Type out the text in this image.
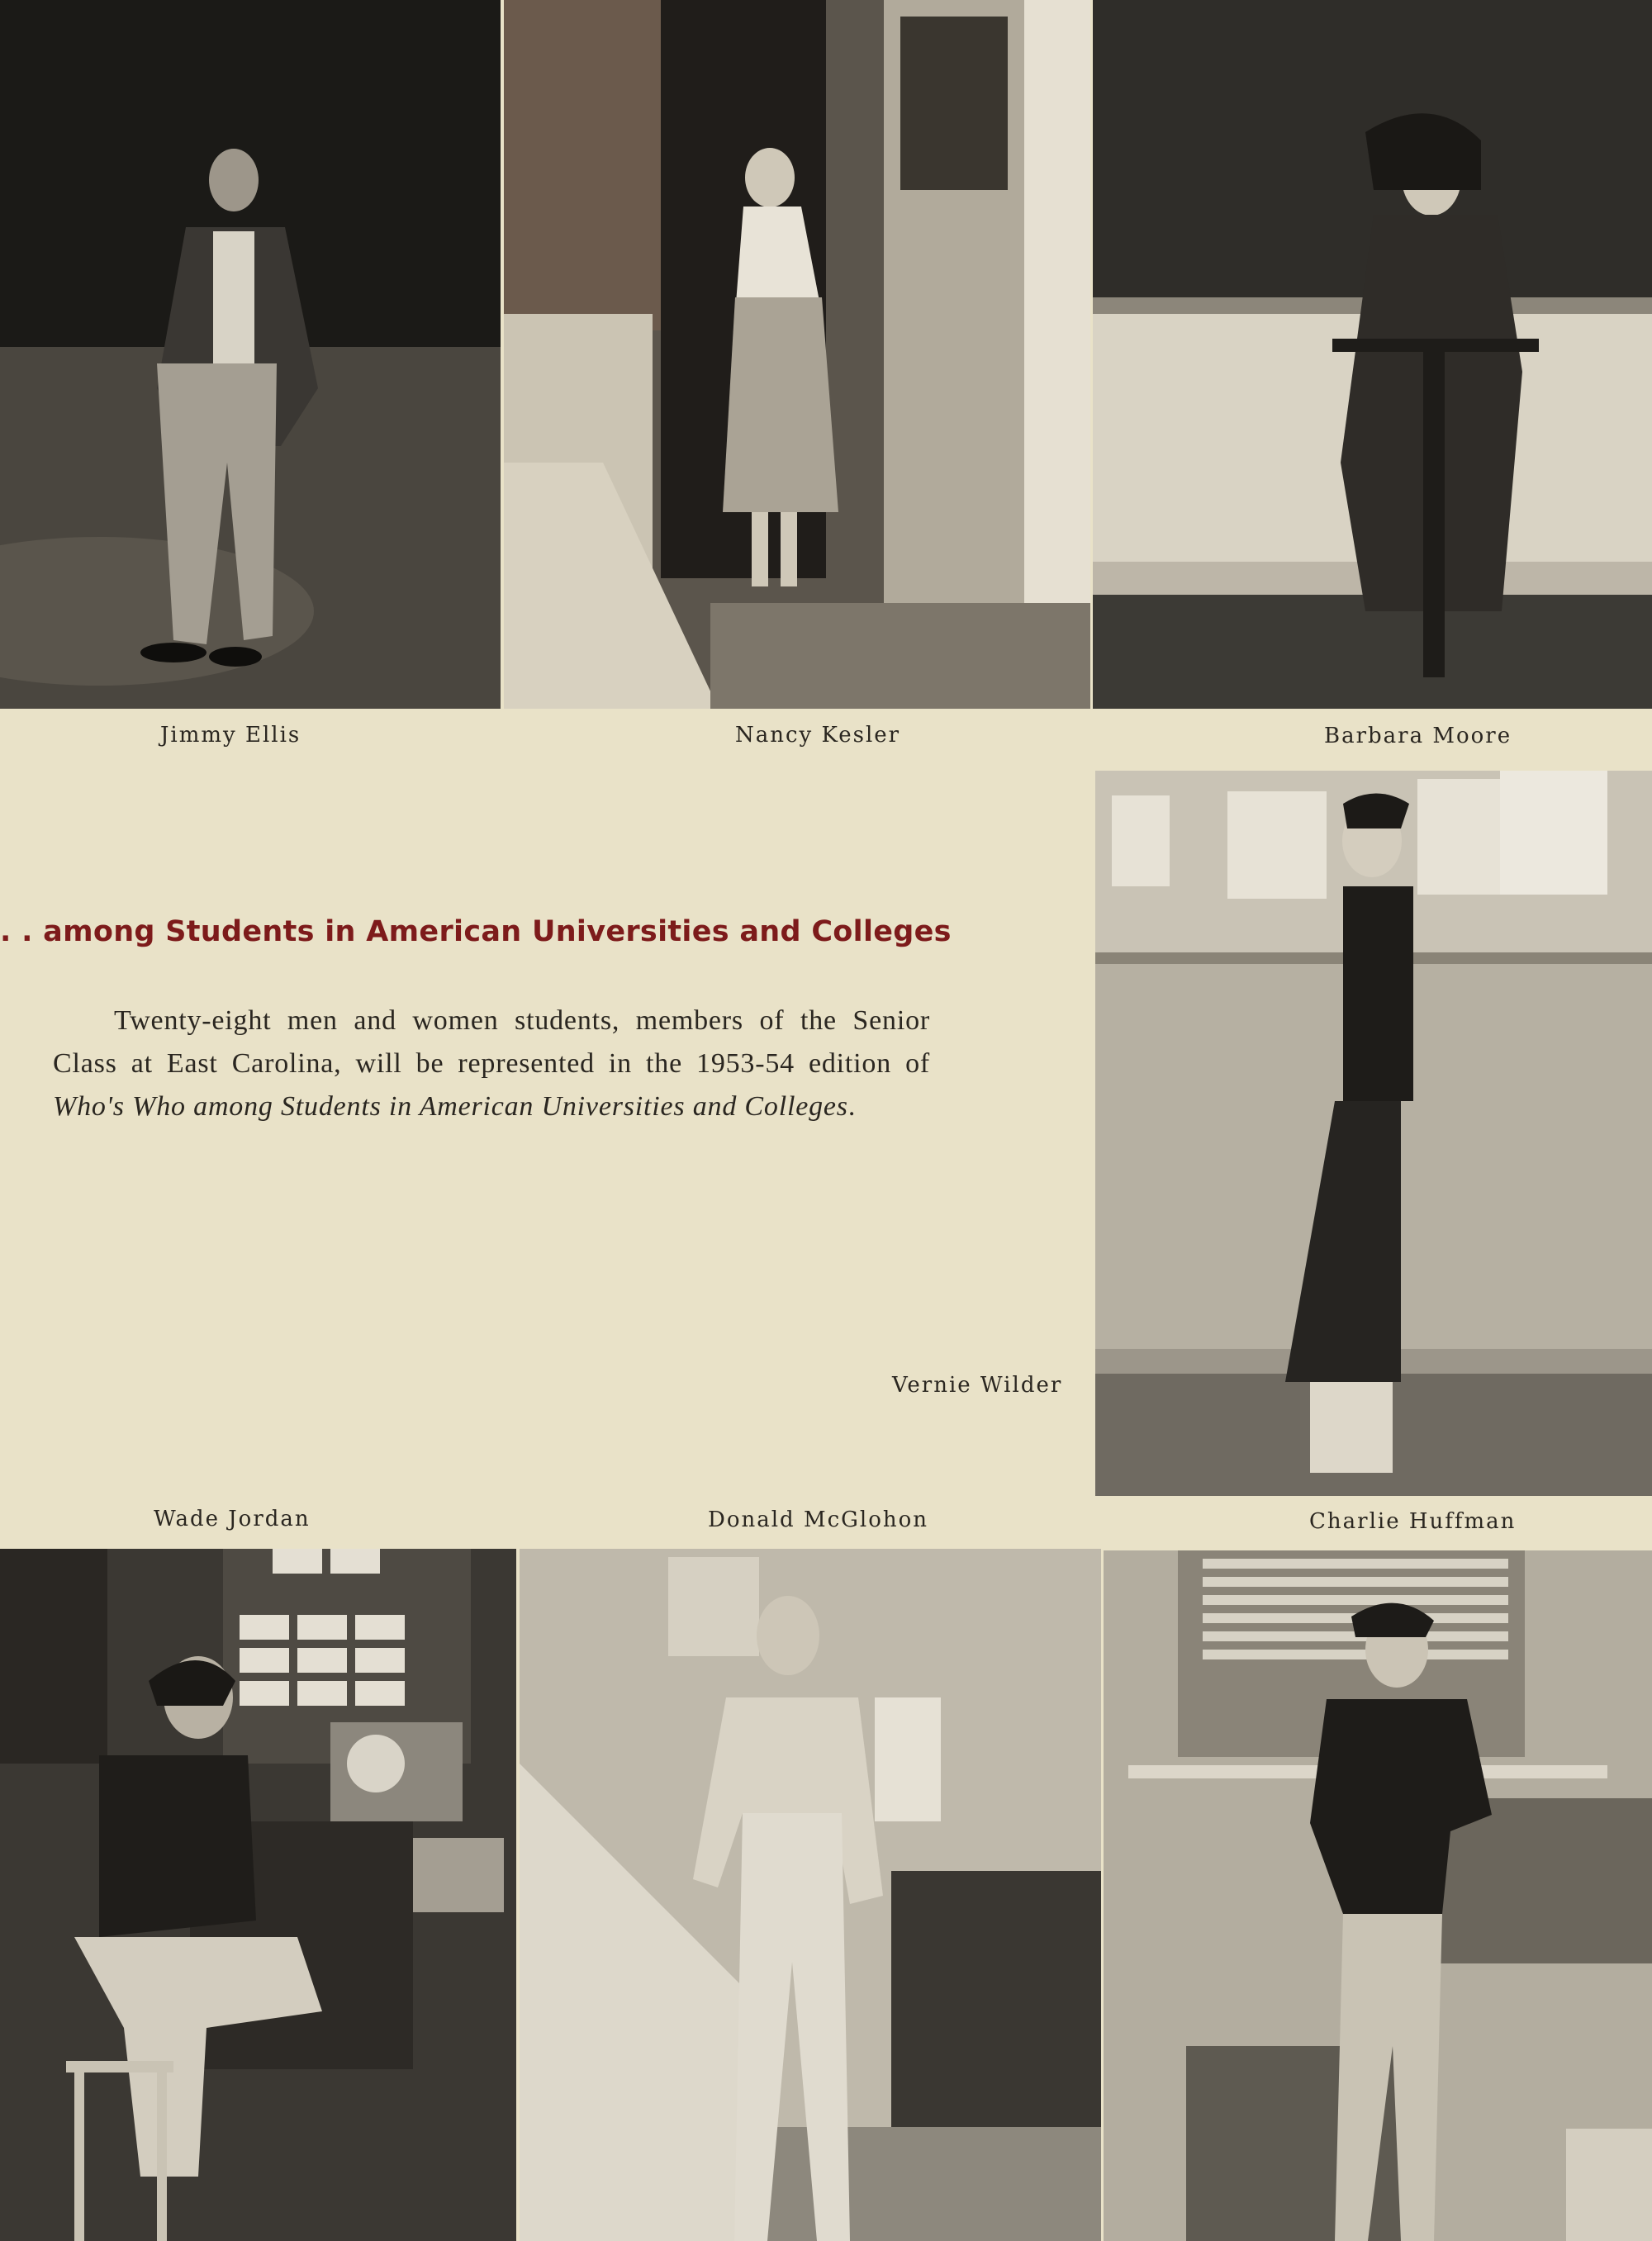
Jimmy Ellis	Nancy Kesler	Barbara Moore
. . among Students in American Universities and Colleges

Twenty-eight men and women students, members of the Senior Class at East Carolina, will be represented in the 1953-54 edition of Who's Who among Students in American Universities and Colleges.

Vernie Wilder
Wade Jordan	Donald McGlohon	Charlie Huffman
